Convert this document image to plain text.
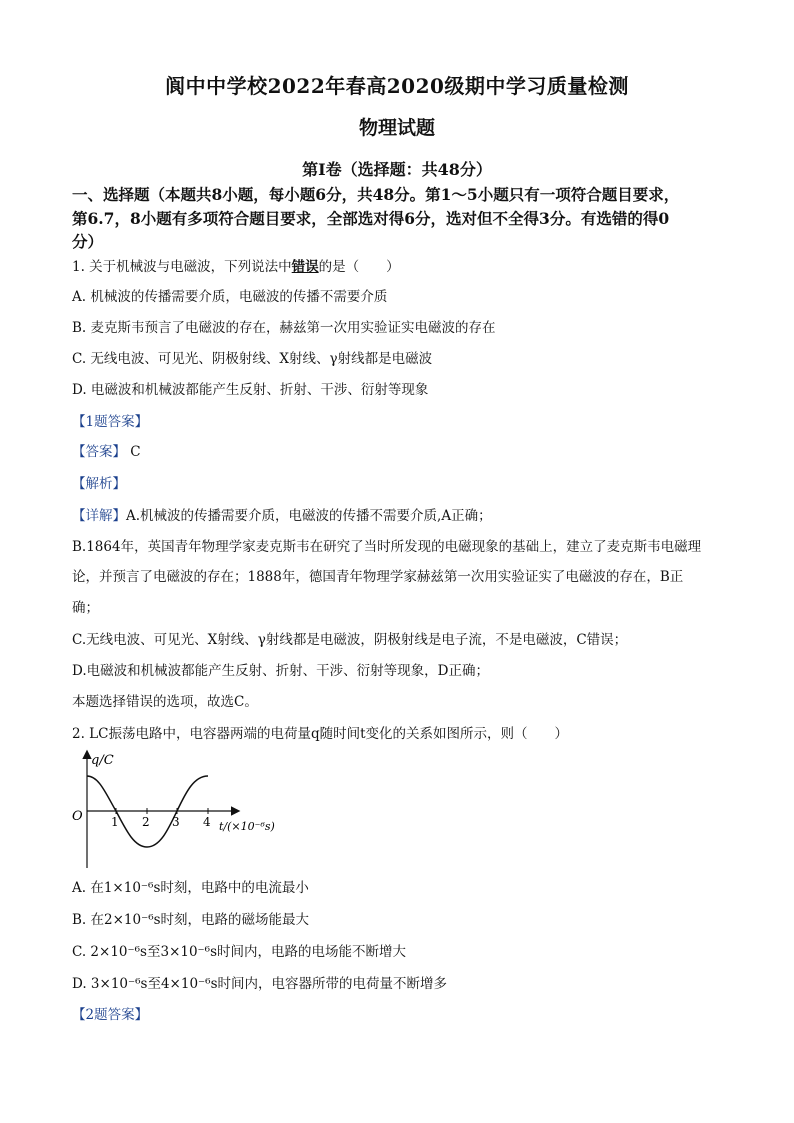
阆中中学校2022年春高2020级期中学习质量检测
物理试题
第I卷（选择题：共48分）
一、选择题（本题共8小题，每小题6分，共48分。第1～5小题只有一项符合题目要求，
第6.7，8小题有多项符合题目要求，全部选对得6分，选对但不全得3分。有选错的得0
分）
1. 关于机械波与电磁波，下列说法中错误的是（　　）
A. 机械波的传播需要介质，电磁波的传播不需要介质
B. 麦克斯韦预言了电磁波的存在，赫兹第一次用实验证实电磁波的存在
C. 无线电波、可见光、阴极射线、X射线、γ射线都是电磁波
D. 电磁波和机械波都能产生反射、折射、干涉、衍射等现象
【1题答案】
【答案】 C
【解析】
【详解】A.机械波的传播需要介质，电磁波的传播不需要介质,A正确；
B.1864年，英国青年物理学家麦克斯韦在研究了当时所发现的电磁现象的基础上，建立了麦克斯韦电磁理
论，并预言了电磁波的存在；1888年，德国青年物理学家赫兹第一次用实验证实了电磁波的存在，B正
确；
C.无线电波、可见光、X射线、γ射线都是电磁波，阴极射线是电子流，不是电磁波，C错误；
D.电磁波和机械波都能产生反射、折射、干涉、衍射等现象，D正确；
本题选择错误的选项，故选C。
2. LC振荡电路中，电容器两端的电荷量q随时间t变化的关系如图所示，则（　　）
q/C
O 1 2 3 4 t/(×10⁻⁶s)
A. 在1×10⁻⁶s时刻，电路中的电流最小
B. 在2×10⁻⁶s时刻，电路的磁场能最大
C. 2×10⁻⁶s至3×10⁻⁶s时间内，电路的电场能不断增大
D. 3×10⁻⁶s至4×10⁻⁶s时间内，电容器所带的电荷量不断增多
【2题答案】
